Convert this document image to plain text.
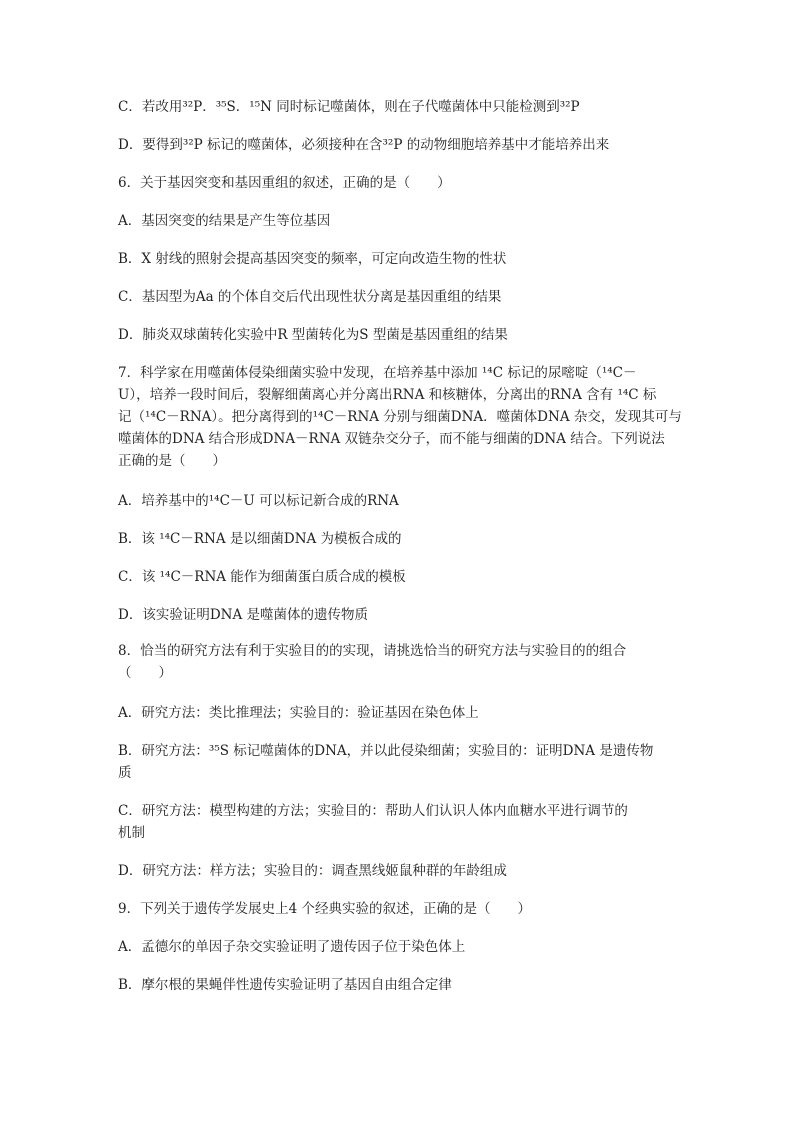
C．若改用³²P．³⁵S．¹⁵N 同时标记噬菌体，则在子代噬菌体中只能检测到³²P
D．要得到³²P 标记的噬菌体，必须接种在含³²P 的动物细胞培养基中才能培养出来
6．关于基因突变和基因重组的叙述，正确的是（　　）
A．基因突变的结果是产生等位基因
B．X 射线的照射会提高基因突变的频率，可定向改造生物的性状
C．基因型为Aa 的个体自交后代出现性状分离是基因重组的结果
D．肺炎双球菌转化实验中R 型菌转化为S 型菌是基因重组的结果
7．科学家在用噬菌体侵染细菌实验中发现，在培养基中添加 ¹⁴C 标记的尿嘧啶（¹⁴C－
U），培养一段时间后，裂解细菌离心并分离出RNA 和核糖体，分离出的RNA 含有 ¹⁴C 标
记（¹⁴C－RNA）。把分离得到的¹⁴C－RNA 分别与细菌DNA．噬菌体DNA 杂交，发现其可与
噬菌体的DNA 结合形成DNA－RNA 双链杂交分子，而不能与细菌的DNA 结合。下列说法
正确的是（　　）
A．培养基中的¹⁴C－U 可以标记新合成的RNA
B．该 ¹⁴C－RNA 是以细菌DNA 为模板合成的
C．该 ¹⁴C－RNA 能作为细菌蛋白质合成的模板
D．该实验证明DNA 是噬菌体的遗传物质
8．恰当的研究方法有利于实验目的的实现，请挑选恰当的研究方法与实验目的的组合
（　　）
A．研究方法：类比推理法；实验目的：验证基因在染色体上
B．研究方法：³⁵S 标记噬菌体的DNA，并以此侵染细菌；实验目的：证明DNA 是遗传物
质
C．研究方法：模型构建的方法；实验目的：帮助人们认识人体内血糖水平进行调节的
机制
D．研究方法：样方法；实验目的：调查黑线姬鼠种群的年龄组成
9．下列关于遗传学发展史上4 个经典实验的叙述，正确的是（　　）
A．孟德尔的单因子杂交实验证明了遗传因子位于染色体上
B．摩尔根的果蝇伴性遗传实验证明了基因自由组合定律
